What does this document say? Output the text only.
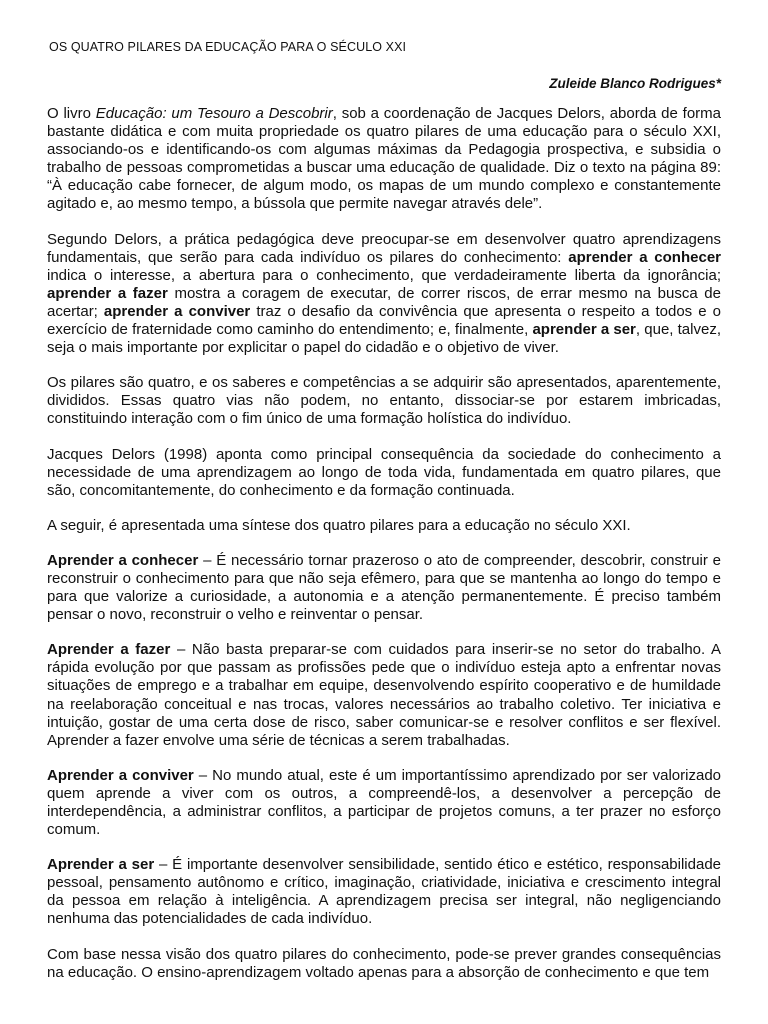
OS QUATRO PILARES DA EDUCAÇÃO PARA O SÉCULO XXI
Zuleide Blanco Rodrigues*

O livro Educação: um Tesouro a Descobrir, sob a coordenação de Jacques Delors, aborda de forma bastante didática e com muita propriedade os quatro pilares de uma educação para o século XXI, associando-os e identificando-os com algumas máximas da Pedagogia prospectiva, e subsidia o trabalho de pessoas comprometidas a buscar uma educação de qualidade. Diz o texto na página 89: “À educação cabe fornecer, de algum modo, os mapas de um mundo complexo e constantemente agitado e, ao mesmo tempo, a bússola que permite navegar através dele”.

Segundo Delors, a prática pedagógica deve preocupar-se em desenvolver quatro aprendizagens fundamentais, que serão para cada indivíduo os pilares do conhecimento: aprender a conhecer indica o interesse, a abertura para o conhecimento, que verdadeiramente liberta da ignorância; aprender a fazer mostra a coragem de executar, de correr riscos, de errar mesmo na busca de acertar; aprender a conviver traz o desafio da convivência que apresenta o respeito a todos e o exercício de fraternidade como caminho do entendimento; e, finalmente, aprender a ser, que, talvez, seja o mais importante por explicitar o papel do cidadão e o objetivo de viver.

Os pilares são quatro, e os saberes e competências a se adquirir são apresentados, aparentemente, divididos. Essas quatro vias não podem, no entanto, dissociar-se por estarem imbricadas, constituindo interação com o fim único de uma formação holística do indivíduo.

Jacques Delors (1998) aponta como principal consequência da sociedade do conhecimento a necessidade de uma aprendizagem ao longo de toda vida, fundamentada em quatro pilares, que são, concomitantemente, do conhecimento e da formação continuada.

A seguir, é apresentada uma síntese dos quatro pilares para a educação no século XXI.

Aprender a conhecer – É necessário tornar prazeroso o ato de compreender, descobrir, construir e reconstruir o conhecimento para que não seja efêmero, para que se mantenha ao longo do tempo e para que valorize a curiosidade, a autonomia e a atenção permanentemente. É preciso também pensar o novo, reconstruir o velho e reinventar o pensar.

Aprender a fazer – Não basta preparar-se com cuidados para inserir-se no setor do trabalho. A rápida evolução por que passam as profissões pede que o indivíduo esteja apto a enfrentar novas situações de emprego e a trabalhar em equipe, desenvolvendo espírito cooperativo e de humildade na reelaboração conceitual e nas trocas, valores necessários ao trabalho coletivo. Ter iniciativa e intuição, gostar de uma certa dose de risco, saber comunicar-se e resolver conflitos e ser flexível. Aprender a fazer envolve uma série de técnicas a serem trabalhadas.

Aprender a conviver – No mundo atual, este é um importantíssimo aprendizado por ser valorizado quem aprende a viver com os outros, a compreendê-los, a desenvolver a percepção de interdependência, a administrar conflitos, a participar de projetos comuns, a ter prazer no esforço comum.

Aprender a ser – É importante desenvolver sensibilidade, sentido ético e estético, responsabilidade pessoal, pensamento autônomo e crítico, imaginação, criatividade, iniciativa e crescimento integral da pessoa em relação à inteligência. A aprendizagem precisa ser integral, não negligenciando nenhuma das potencialidades de cada indivíduo.

Com base nessa visão dos quatro pilares do conhecimento, pode-se prever grandes consequências na educação. O ensino-aprendizagem voltado apenas para a absorção de conhecimento e que tem
